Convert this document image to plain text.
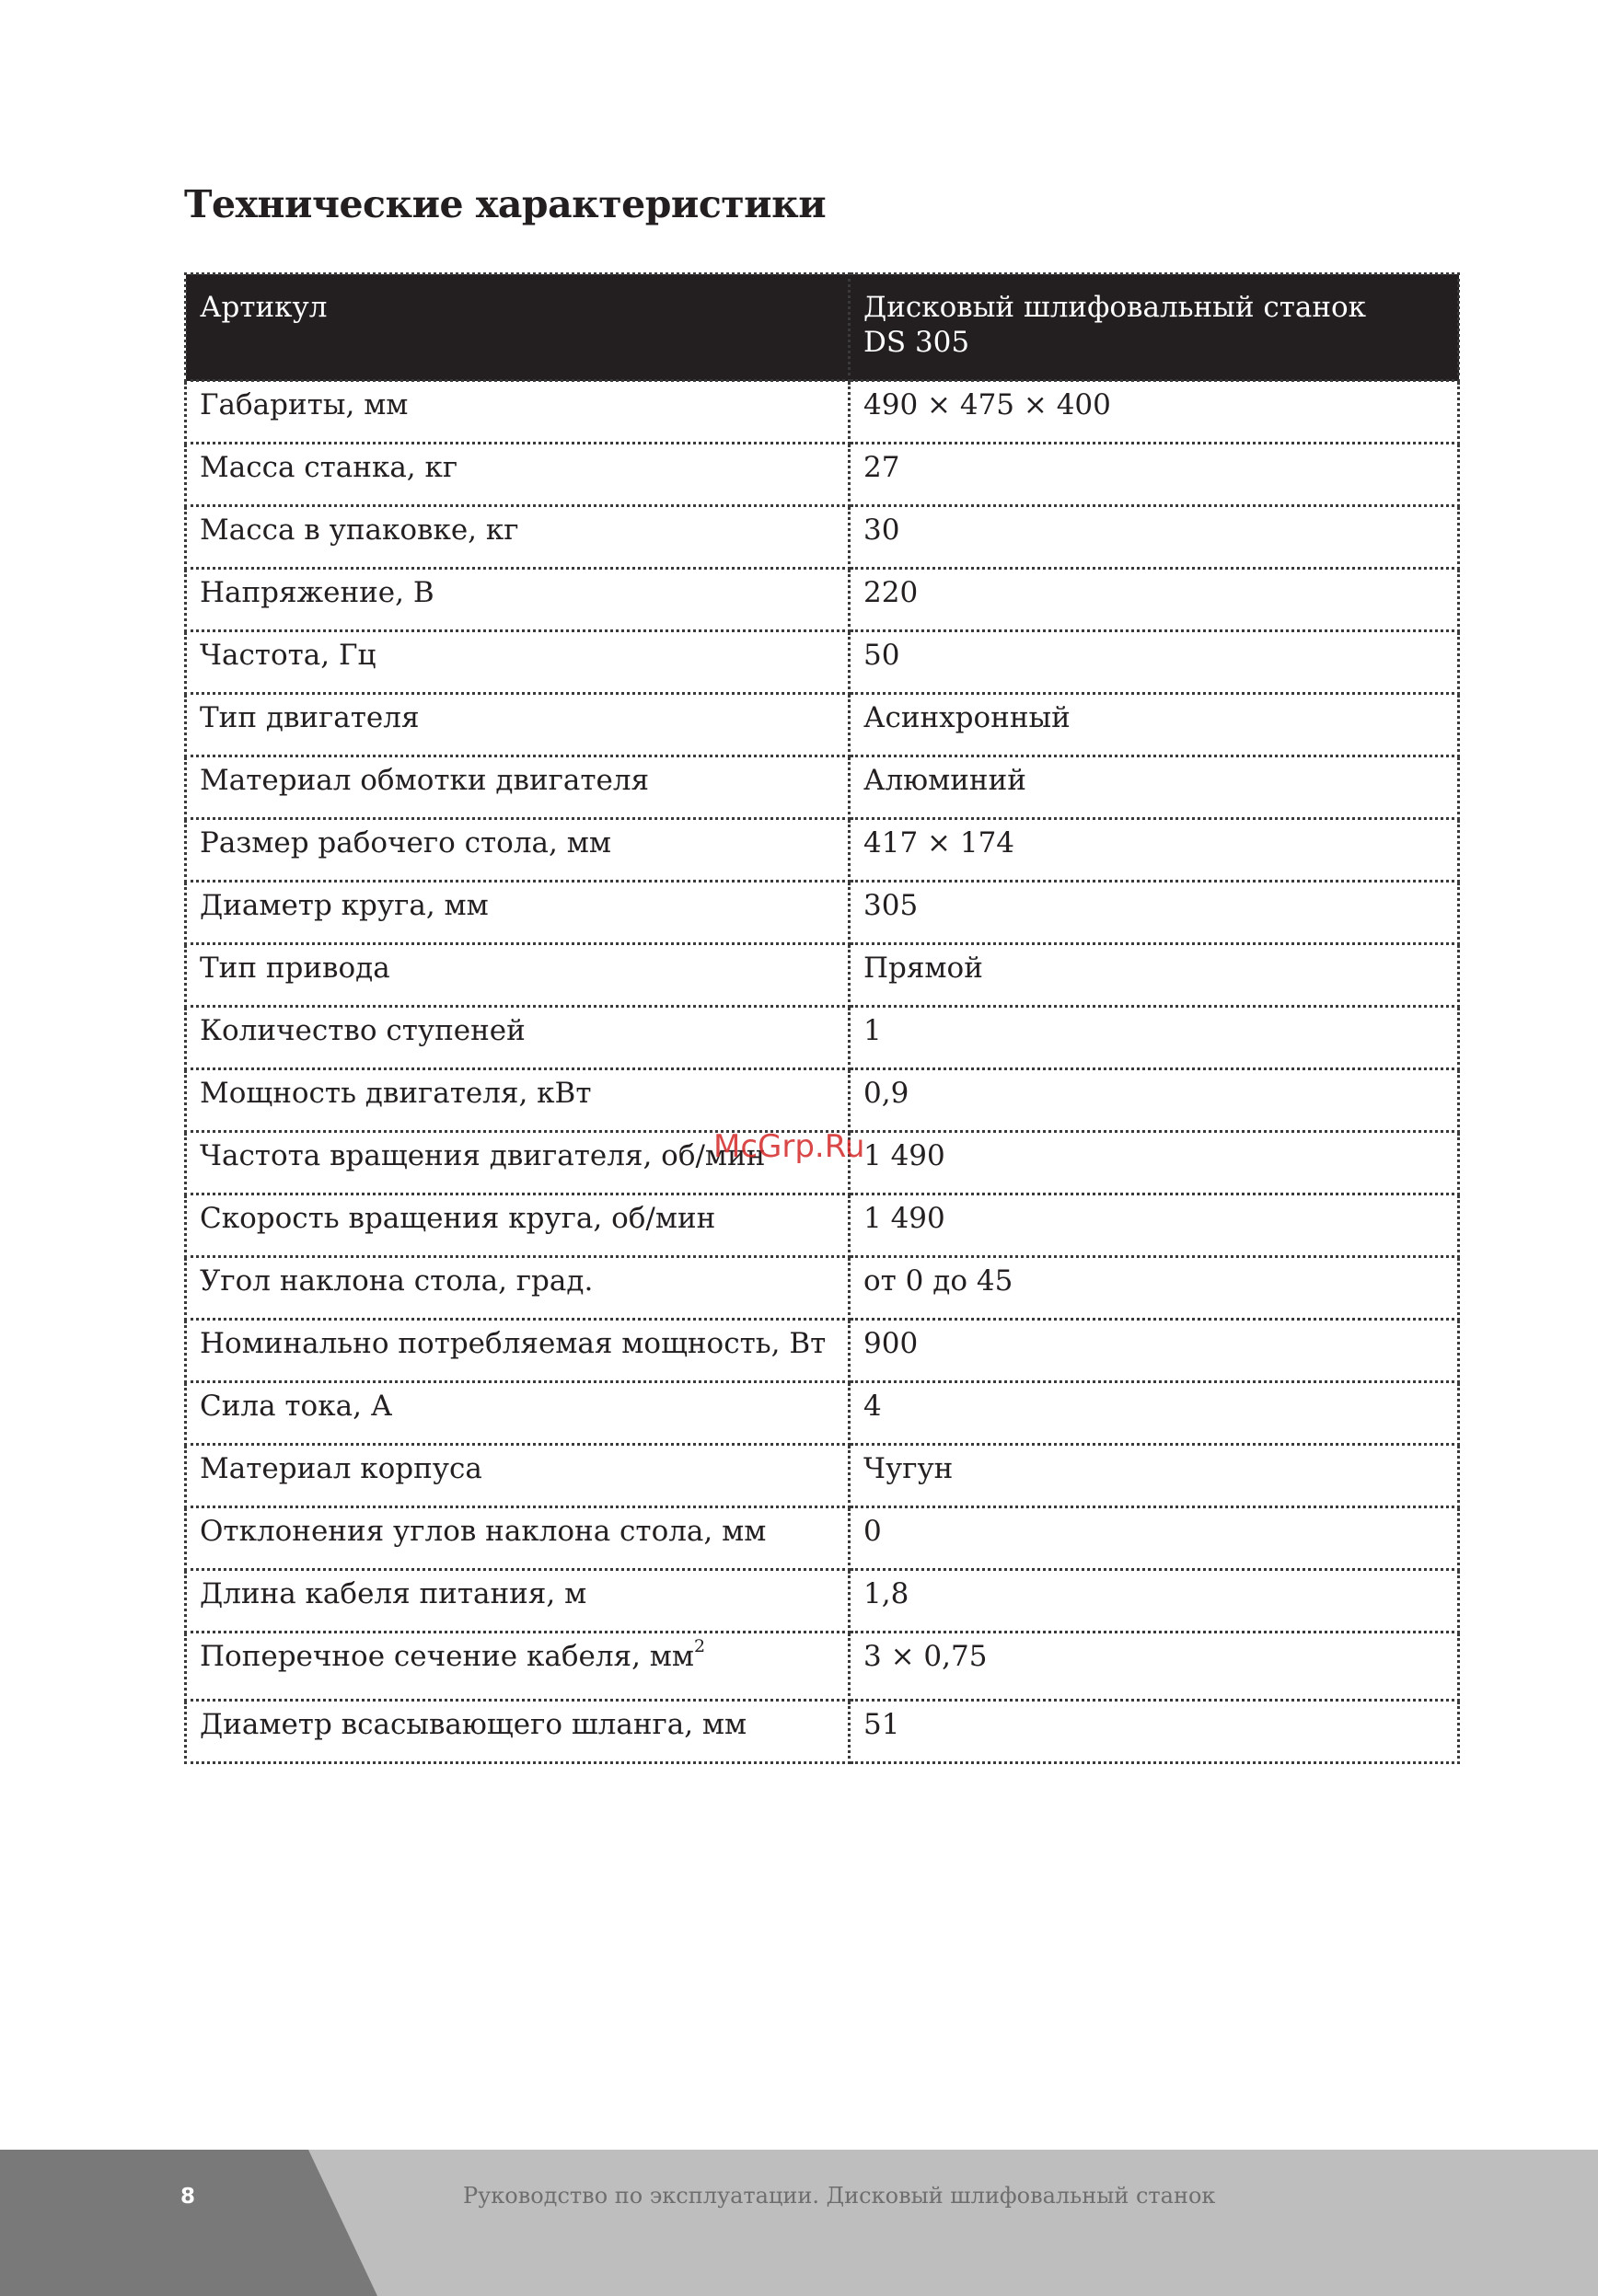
Технические характеристики
Артикул	Дисковый шлифовальный станок
DS 305

Габариты, мм	490 × 475 × 400
Масса станка, кг	27
Масса в упаковке, кг	30
Напряжение, В	220
Частота, Гц	50
Тип двигателя	Асинхронный
Материал обмотки двигателя	Алюминий
Размер рабочего стола, мм	417 × 174
Диаметр круга, мм	305
Тип привода	Прямой
Количество ступеней	1
Мощность двигателя, кВт	0,9
Частота вращения двигателя, об/мин	1 490
Скорость вращения круга, об/мин	1 490
Угол наклона стола, град.	от 0 до 45
Номинально потребляемая мощность, Вт	900
Сила тока, А	4
Материал корпуса	Чугун
Отклонения углов наклона стола, мм	0
Длина кабеля питания, м	1,8
Поперечное сечение кабеля, $мм^2$	3 × 0,75
Диаметр всасывающего шланга, мм	51
McGrp.Ru
8	Руководство по эксплуатации. Дисковый шлифовальный станок
